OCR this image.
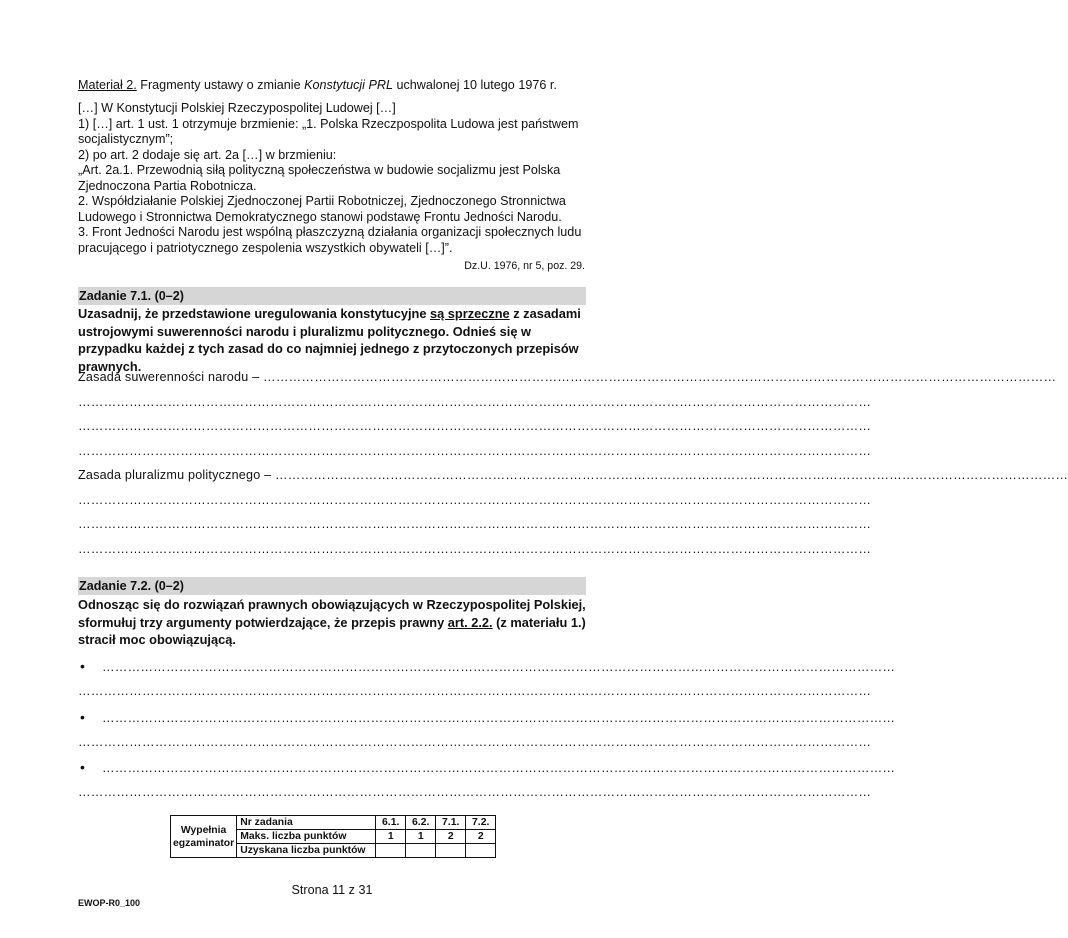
Materiał 2. Fragmenty ustawy o zmianie Konstytucji PRL uchwalonej 10 lutego 1976 r.
[…] W Konstytucji Polskiej Rzeczypospolitej Ludowej […]
1) […] art. 1 ust. 1 otrzymuje brzmienie: „1. Polska Rzeczpospolita Ludowa jest państwem
socjalistycznym”;
2) po art. 2 dodaje się art. 2a […] w brzmieniu:
„Art. 2a.1. Przewodnią siłą polityczną społeczeństwa w budowie socjalizmu jest Polska
Zjednoczona Partia Robotnicza.
2. Współdziałanie Polskiej Zjednoczonej Partii Robotniczej, Zjednoczonego Stronnictwa
Ludowego i Stronnictwa Demokratycznego stanowi podstawę Frontu Jedności Narodu.
3. Front Jedności Narodu jest wspólną płaszczyzną działania organizacji społecznych ludu
pracującego i patriotycznego zespolenia wszystkich obywateli […]”.
Dz.U. 1976, nr 5, poz. 29.
Zadanie 7.1. (0–2)
Uzasadnij, że przedstawione uregulowania konstytucyjne są sprzeczne z zasadami ustrojowymi suwerenności narodu i pluralizmu politycznego. Odnieś się w przypadku każdej z tych zasad do co najmniej jednego z przytoczonych przepisów prawnych.
Zasada suwerenności narodu – ……………………………………………………………………………………………………………………………………………………………………
……………………………………………………………………………………………………………………………………………………………………
……………………………………………………………………………………………………………………………………………………………………
……………………………………………………………………………………………………………………………………………………………………
Zasada pluralizmu politycznego – ……………………………………………………………………………………………………………………………………………………………………
……………………………………………………………………………………………………………………………………………………………………
……………………………………………………………………………………………………………………………………………………………………
……………………………………………………………………………………………………………………………………………………………………
Zadanie 7.2. (0–2)
Odnosząc się do rozwiązań prawnych obowiązujących w Rzeczypospolitej Polskiej, sformułuj trzy argumenty potwierdzające, że przepis prawny art. 2.2. (z materiału 1.) stracił moc obowiązującą.
• ……………………………………………………………………………………………………………………………………………………………………
……………………………………………………………………………………………………………………………………………………………………
• ……………………………………………………………………………………………………………………………………………………………………
……………………………………………………………………………………………………………………………………………………………………
• ……………………………………………………………………………………………………………………………………………………………………
……………………………………………………………………………………………………………………………………………………………………
Wypełnia egzaminator	Nr zadania	6.1.	6.2.	7.1.	7.2.
	Maks. liczba punktów	1	1	2	2
	Uzyskana liczba punktów				
Strona 11 z 31
EWOP-R0_100
